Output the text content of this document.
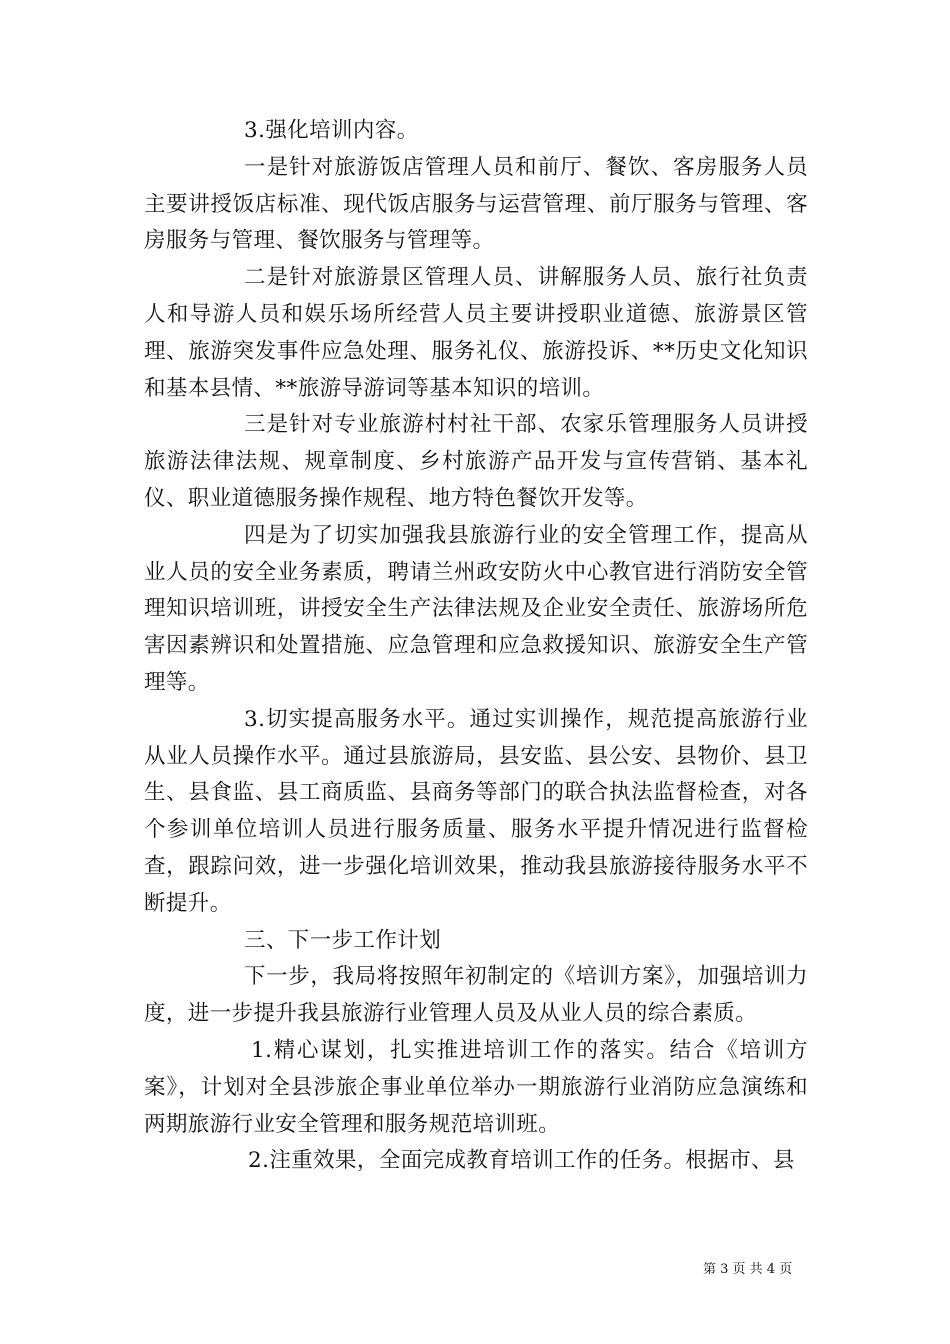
3.强化培训内容。

一是针对旅游饭店管理人员和前厅、餐饮、客房服务人员主要讲授饭店标准、现代饭店服务与运营管理、前厅服务与管理、客房服务与管理、餐饮服务与管理等。

二是针对旅游景区管理人员、讲解服务人员、旅行社负责人和导游人员和娱乐场所经营人员主要讲授职业道德、旅游景区管理、旅游突发事件应急处理、服务礼仪、旅游投诉、**历史文化知识和基本县情、**旅游导游词等基本知识的培训。

三是针对专业旅游村村社干部、农家乐管理服务人员讲授旅游法律法规、规章制度、乡村旅游产品开发与宣传营销、基本礼仪、职业道德服务操作规程、地方特色餐饮开发等。

四是为了切实加强我县旅游行业的安全管理工作，提高从业人员的安全业务素质，聘请兰州政安防火中心教官进行消防安全管理知识培训班，讲授安全生产法律法规及企业安全责任、旅游场所危害因素辨识和处置措施、应急管理和应急救援知识、旅游安全生产管理等。

3.切实提高服务水平。通过实训操作，规范提高旅游行业从业人员操作水平。通过县旅游局，县安监、县公安、县物价、县卫生、县食监、县工商质监、县商务等部门的联合执法监督检查，对各个参训单位培训人员进行服务质量、服务水平提升情况进行监督检查，跟踪问效，进一步强化培训效果，推动我县旅游接待服务水平不断提升。

三、下一步工作计划

下一步，我局将按照年初制定的《培训方案》，加强培训力度，进一步提升我县旅游行业管理人员及从业人员的综合素质。

1.精心谋划，扎实推进培训工作的落实。结合《培训方案》，计划对全县涉旅企事业单位举办一期旅游行业消防应急演练和两期旅游行业安全管理和服务规范培训班。

2.注重效果，全面完成教育培训工作的任务。根据市、县

第 3 页 共 4 页
